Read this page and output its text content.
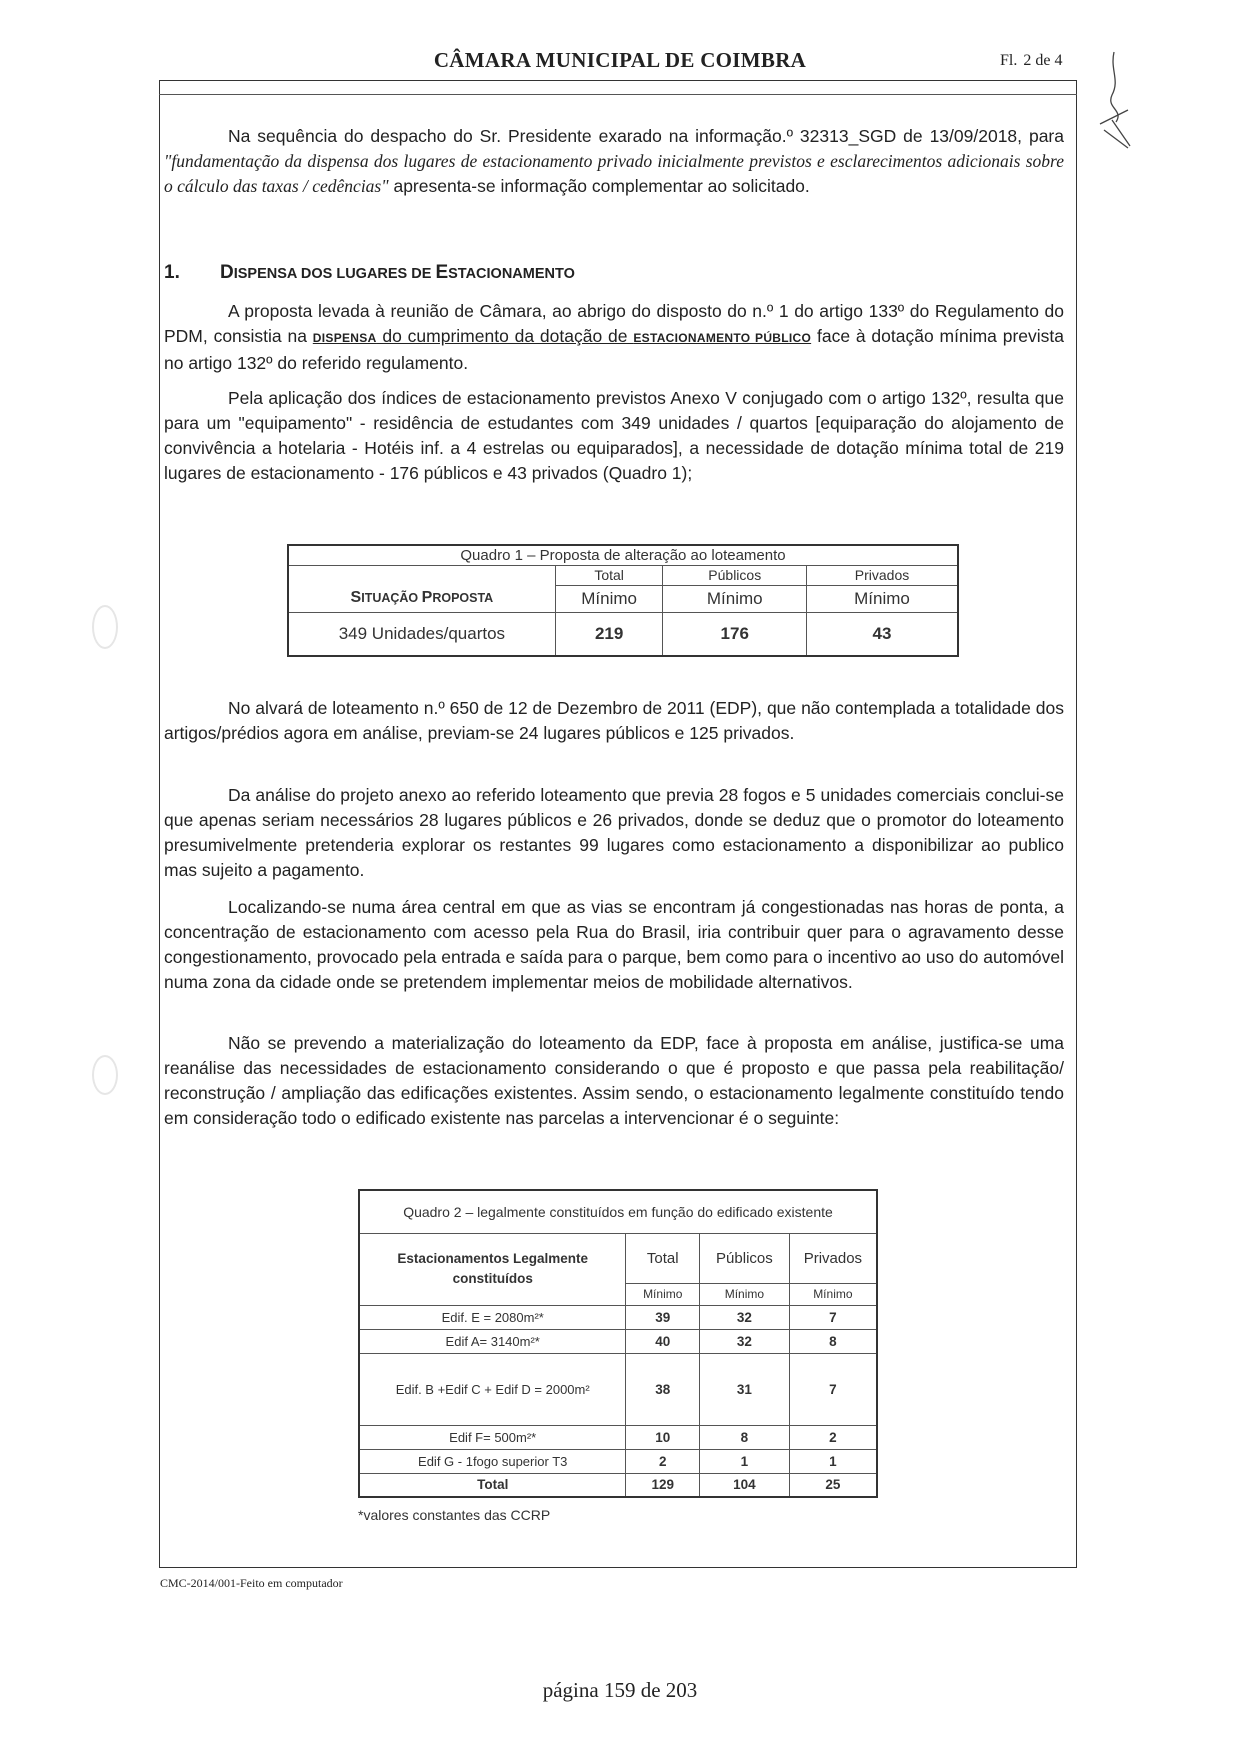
CÂMARA MUNICIPAL DE COIMBRA	Fl. 2 de 4
Na sequência do despacho do Sr. Presidente exarado na informação.º 32313_SGD de 13/09/2018, para "fundamentação da dispensa dos lugares de estacionamento privado inicialmente previstos e esclarecimentos adicionais sobre o cálculo das taxas / cedências" apresenta-se informação complementar ao solicitado.
1. DISPENSA DOS LUGARES DE ESTACIONAMENTO
A proposta levada à reunião de Câmara, ao abrigo do disposto do n.º 1 do artigo 133º do Regulamento do PDM, consistia na DISPENSA do cumprimento da dotação de ESTACIONAMENTO PÚBLICO face à dotação mínima prevista no artigo 132º do referido regulamento.
Pela aplicação dos índices de estacionamento previstos Anexo V conjugado com o artigo 132º, resulta que para um "equipamento" - residência de estudantes com 349 unidades / quartos [equiparação do alojamento de convivência a hotelaria - Hotéis inf. a 4 estrelas ou equiparados], a necessidade de dotação mínima total de 219 lugares de estacionamento - 176 públicos e 43 privados (Quadro 1);
Quadro 1 – Proposta de alteração ao loteamento			
	Total	Públicos	Privados
SITUAÇÃO PROPOSTA	Mínimo	Mínimo	Mínimo
349 Unidades/quartos	219	176	43
No alvará de loteamento n.º 650 de 12 de Dezembro de 2011 (EDP), que não contemplada a totalidade dos artigos/prédios agora em análise, previam-se 24 lugares públicos e 125 privados.
Da análise do projeto anexo ao referido loteamento que previa 28 fogos e 5 unidades comerciais conclui-se que apenas seriam necessários 28 lugares públicos e 26 privados, donde se deduz que o promotor do loteamento presumivelmente pretenderia explorar os restantes 99 lugares como estacionamento a disponibilizar ao publico mas sujeito a pagamento.
Localizando-se numa área central em que as vias se encontram já congestionadas nas horas de ponta, a concentração de estacionamento com acesso pela Rua do Brasil, iria contribuir quer para o agravamento desse congestionamento, provocado pela entrada e saída para o parque, bem como para o incentivo ao uso do automóvel numa zona da cidade onde se pretendem implementar meios de mobilidade alternativos.
Não se prevendo a materialização do loteamento da EDP, face à proposta em análise, justifica-se uma reanálise das necessidades de estacionamento considerando o que é proposto e que passa pela reabilitação/ reconstrução / ampliação das edificações existentes. Assim sendo, o estacionamento legalmente constituído tendo em consideração todo o edificado existente nas parcelas a intervencionar é o seguinte:
Quadro 2 – legalmente constituídos em função do edificado existente			
Estacionamentos Legalmente constituídos	Total	Públicos	Privados
	Mínimo	Mínimo	Mínimo
Edif. E = 2080m²*	39	32	7
Edif A= 3140m²*	40	32	8
Edif. B +Edif C + Edif D = 2000m²	38	31	7
Edif F= 500m²*	10	8	2
Edif G - 1fogo superior T3	2	1	1
Total	129	104	25
*valores constantes das CCRP
CMC-2014/001-Feito em computador
página 159 de 203
